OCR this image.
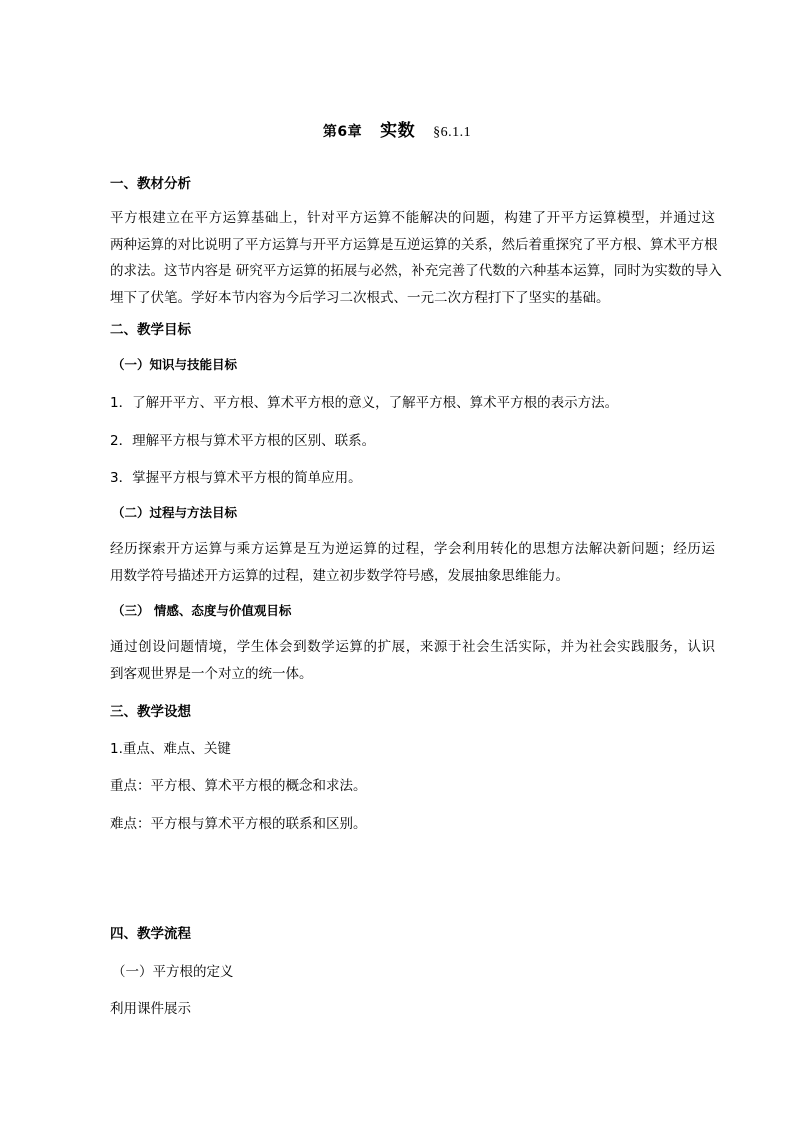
第6章 实数 §6.1.1
一、教材分析
平方根建立在平方运算基础上，针对平方运算不能解决的问题，构建了开平方运算模型，并通过这
两种运算的对比说明了平方运算与开平方运算是互逆运算的关系，然后着重探究了平方根、算术平方根
的求法。这节内容是 研究平方运算的拓展与必然，补充完善了代数的六种基本运算，同时为实数的导入
埋下了伏笔。学好本节内容为今后学习二次根式、一元二次方程打下了坚实的基础。
二、教学目标
（一）知识与技能目标
1．了解开平方、平方根、算术平方根的意义，了解平方根、算术平方根的表示方法。
2．理解平方根与算术平方根的区别、联系。
3．掌握平方根与算术平方根的简单应用。
（二）过程与方法目标
经历探索开方运算与乘方运算是互为逆运算的过程，学会利用转化的思想方法解决新问题；经历运
用数学符号描述开方运算的过程，建立初步数学符号感，发展抽象思维能力。
（三） 情感、态度与价值观目标
通过创设问题情境，学生体会到数学运算的扩展，来源于社会生活实际，并为社会实践服务，认识
到客观世界是一个对立的统一体。
三、教学设想
1.重点、难点、关键
重点：平方根、算术平方根的概念和求法。
难点：平方根与算术平方根的联系和区别。
四、教学流程
（一）平方根的定义
利用课件展示
